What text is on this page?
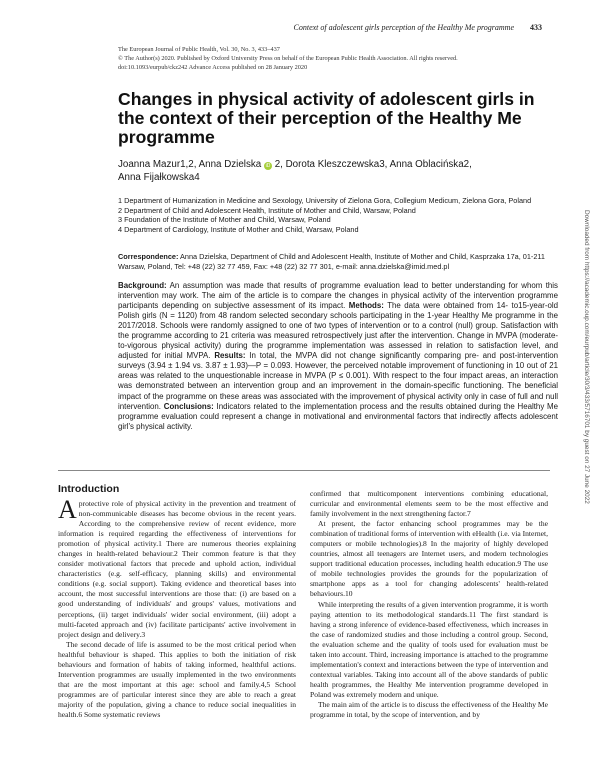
Context of adolescent girls perception of the Healthy Me programme 433
The European Journal of Public Health, Vol. 30, No. 3, 433–437
© The Author(s) 2020. Published by Oxford University Press on behalf of the European Public Health Association. All rights reserved.
doi:10.1093/eurpub/ckz242 Advance Access published on 28 January 2020
Changes in physical activity of adolescent girls in the context of their perception of the Healthy Me programme
Joanna Mazur1,2, Anna Dzielska iD 2, Dorota Kleszczewska3, Anna Oblacińska2,
Anna Fijałkowska4
1 Department of Humanization in Medicine and Sexology, University of Zielona Gora, Collegium Medicum, Zielona Gora, Poland
2 Department of Child and Adolescent Health, Institute of Mother and Child, Warsaw, Poland
3 Foundation of the Institute of Mother and Child, Warsaw, Poland
4 Department of Cardiology, Institute of Mother and Child, Warsaw, Poland
Correspondence: Anna Dzielska, Department of Child and Adolescent Health, Institute of Mother and Child, Kasprzaka 17a, 01-211 Warsaw, Poland, Tel: +48 (22) 32 77 459, Fax: +48 (22) 32 77 301, e-mail: anna.dzielska@imid.med.pl
Background: An assumption was made that results of programme evaluation lead to better understanding for whom this intervention may work. The aim of the article is to compare the changes in physical activity of the intervention programme participants depending on subjective assessment of its impact. Methods: The data were obtained from 14- to15-year-old Polish girls (N = 1120) from 48 random selected secondary schools participating in the 1-year Healthy Me programme in the 2017/2018. Schools were randomly assigned to one of two types of intervention or to a control (null) group. Satisfaction with the programme according to 21 criteria was measured retrospectively just after the intervention. Change in MVPA (moderate-to-vigorous physical activity) during the programme implementation was assessed in relation to satisfaction level, and adjusted for initial MVPA. Results: In total, the MVPA did not change significantly comparing pre- and post-intervention surveys (3.94 ± 1.94 vs. 3.87 ± 1.93)—P = 0.093. However, the perceived notable improvement of functioning in 10 out of 21 areas was related to the unquestionable increase in MVPA (P ≤ 0.001). With respect to the four impact areas, an interaction was demonstrated between an intervention group and an improvement in the domain-specific functioning. The beneficial impact of the programme on these areas was associated with the improvement of physical activity only in case of full and null intervention. Conclusions: Indicators related to the implementation process and the results obtained during the Healthy Me programme evaluation could represent a change in motivational and environmental factors that indirectly affects adolescent girl's physical activity.
Introduction

Aprotective role of physical activity in the prevention and treatment of non-communicable diseases has become obvious in the recent years. According to the comprehensive review of recent evidence, more information is required regarding the effectiveness of interventions for promotion of physical activity.1 There are numerous theories explaining changes in health-related behaviour.2 Their common feature is that they consider motivational factors that precede and uphold action, individual characteristics (e.g. self-efficacy, planning skills) and environmental conditions (e.g. social support). Taking evidence and theoretical bases into account, the most successful interventions are those that: (i) are based on a good understanding of individuals' and groups' values, motivations and perceptions, (ii) target individuals' wider social environment, (iii) adopt a multi-faceted approach and (iv) facilitate participants' active involvement in project design and delivery.3

The second decade of life is assumed to be the most critical period when healthful behaviour is shaped. This applies to both the initiation of risk behaviours and formation of habits of taking informed, healthful actions. Intervention programmes are usually implemented in the two environments that are the most important at this age: school and family.4,5 School programmes are of particular interest since they are able to reach a great majority of the population, giving a chance to reduce social inequalities in health.6 Some systematic reviews

confirmed that multicomponent interventions combining educational, curricular and environmental elements seem to be the most effective and family involvement in the next strengthening factor.7

At present, the factor enhancing school programmes may be the combination of traditional forms of intervention with eHealth (i.e. via Internet, computers or mobile technologies).8 In the majority of highly developed countries, almost all teenagers are Internet users, and modern technologies support traditional education processes, including health education.9 The use of mobile technologies provides the grounds for the popularization of smartphone apps as a tool for changing adolescents' health-related behaviours.10

While interpreting the results of a given intervention programme, it is worth paying attention to its methodological standards.11 The first standard is having a strong inference of evidence-based effectiveness, which increases in the case of randomized studies and those including a control group. Second, the evaluation scheme and the quality of tools used for evaluation must be taken into account. Third, increasing importance is attached to the programme implementation's context and interactions between the type of intervention and contextual variables. Taking into account all of the above standards of public health programmes, the Healthy Me intervention programme developed in Poland was extremely modern and unique.

The main aim of the article is to discuss the effectiveness of the Healthy Me programme in total, by the scope of intervention, and by

Downloaded from https://academic.oup.com/eurpub/article/30/3/433/5716701 by guest on 27 June 2022
